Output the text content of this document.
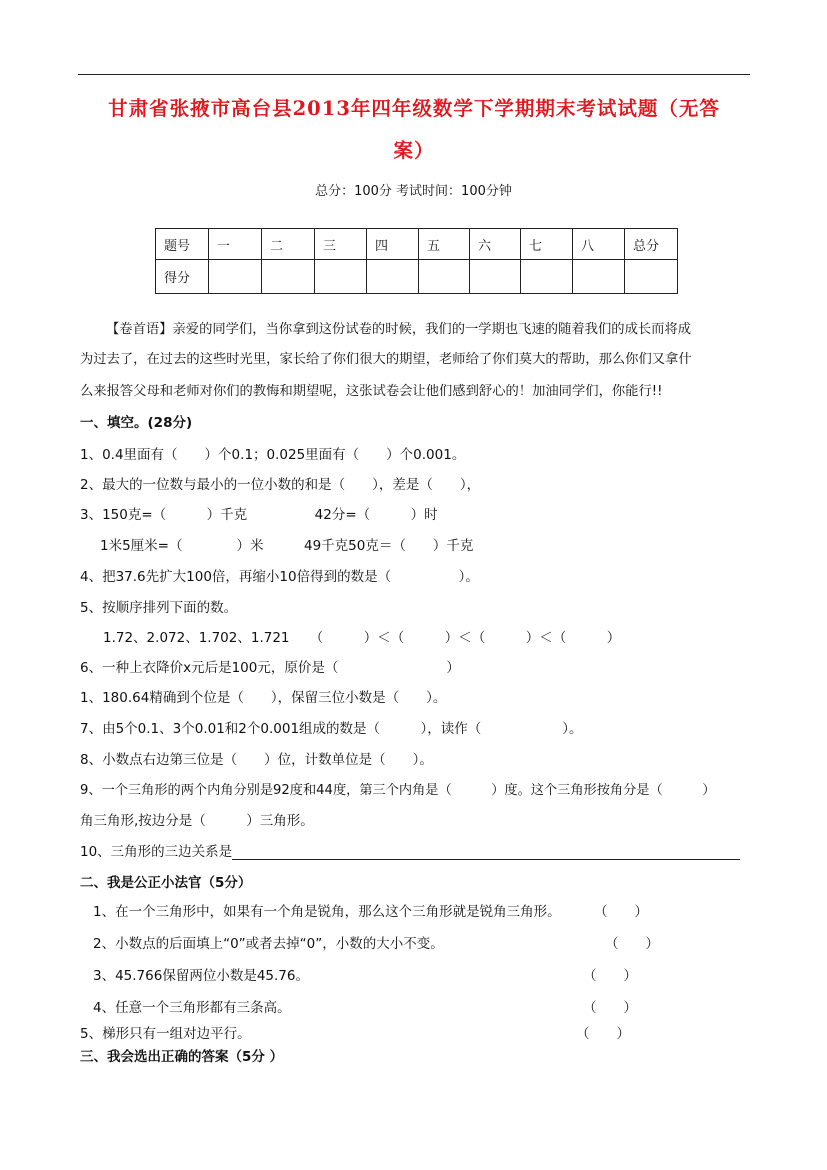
甘肃省张掖市高台县2013年四年级数学下学期期末考试试题（无答
案）
总分：100分 考试时间：100分钟
题号	一	二	三	四	五	六	七	八	总分
得分									
【卷首语】亲爱的同学们，当你拿到这份试卷的时候，我们的一学期也飞速的随着我们的成长而将成
为过去了，在过去的这些时光里，家长给了你们很大的期望，老师给了你们莫大的帮助，那么你们又拿什
么来报答父母和老师对你们的教悔和期望呢，这张试卷会让他们感到舒心的！加油同学们，你能行!!
一、填空。(28分)
1、0.4里面有（　　）个0.1；0.025里面有（　　）个0.001。
2、最大的一位数与最小的一位小数的和是（　　），差是（　　），
3、150克=（　　　）千克　　　　　42分=（　　　）时
1米5厘米=（　　　　）米　　　49千克50克＝（　　）千克
4、把37.6先扩大100倍，再缩小10倍得到的数是（　　　　　）。
5、按顺序排列下面的数。
1.72、2.072、1.702、1.721　　（　　　）＜（　　　）＜（　　　）＜（　　　）
6、一种上衣降价x元后是100元，原价是（　　　　　　　　）
1、180.64精确到个位是（　　），保留三位小数是（　　）。
7、由5个0.1、3个0.01和2个0.001组成的数是（　　　），读作（　　　　　　）。
8、小数点右边第三位是（　　）位，计数单位是（　　）。
9、一个三角形的两个内角分别是92度和44度，第三个内角是（　　　）度。这个三角形按角分是（　　　）
角三角形,按边分是（　　　）三角形。
10、三角形的三边关系是
二、我是公正小法官（5分）
1、在一个三角形中，如果有一个角是锐角，那么这个三角形就是锐角三角形。 （　　）
2、小数点的后面填上“0”或者去掉“0”，小数的大小不变。	（　　）
3、45.766保留两位小数是45.76。	（　　）
4、任意一个三角形都有三条高。	（　　）
5、梯形只有一组对边平行。	（　　）
三、我会选出正确的答案（5分 ）
